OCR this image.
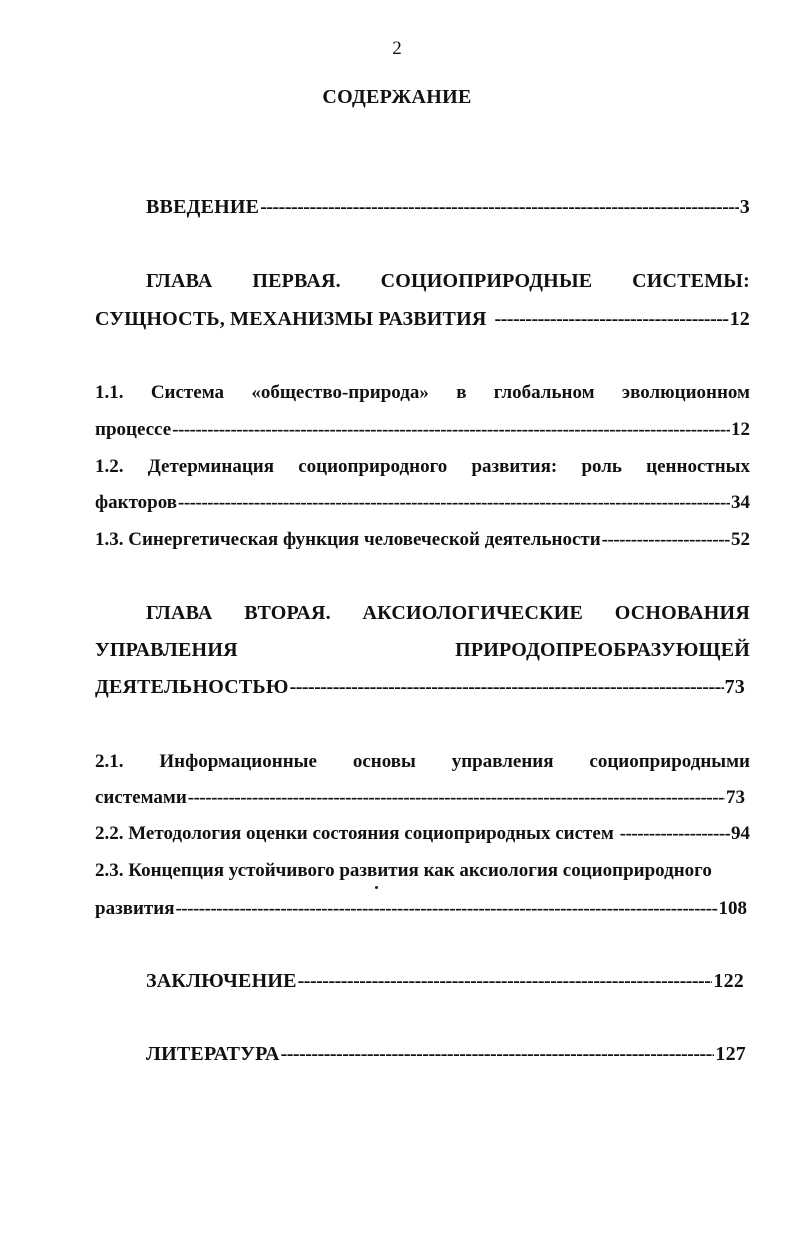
2
СОДЕРЖАНИЕ
ВВЕДЕНИЕ -----	3
ГЛАВА ПЕРВАЯ. СОЦИОПРИРОДНЫЕ СИСТЕМЫ:
СУЩНОСТЬ, МЕХАНИЗМЫ РАЗВИТИЯ -----	12
1.1. Система «общество-природа» в глобальном эволюционном
процессе -----	12
1.2. Детерминация социоприродного развития: роль ценностных
факторов -----	34
1.3. Синергетическая функция человеческой деятельности -----	52
ГЛАВА ВТОРАЯ. АКСИОЛОГИЧЕСКИЕ ОСНОВАНИЯ
УПРАВЛЕНИЯ	ПРИРОДОПРЕОБРАЗУЮЩЕЙ
ДЕЯТЕЛЬНОСТЬЮ -----	73
2.1. Информационные основы управления социоприродными
системами -----	73
2.2. Методология оценки состояния социоприродных систем -----	94
2.3. Концепция устойчивого развития как аксиология социоприродного
развития -----	108
ЗАКЛЮЧЕНИЕ -----	122
ЛИТЕРАТУРА -----	127
